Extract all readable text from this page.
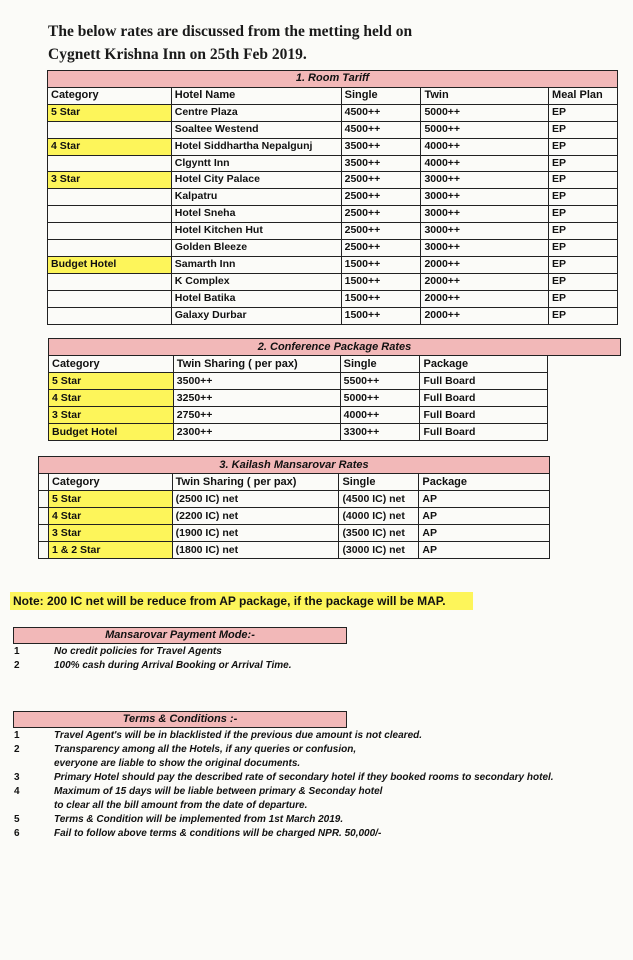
The below rates are discussed from the metting held on
Cygnett Krishna Inn on 25th Feb 2019.
1. Room Tariff				
Category	Hotel Name	Single	Twin	Meal Plan
5 Star	Centre Plaza	4500++	5000++	EP
	Soaltee Westend	4500++	5000++	EP
4 Star	Hotel Siddhartha Nepalgunj	3500++	4000++	EP
	Clgyntt Inn	3500++	4000++	EP
3 Star	Hotel City Palace	2500++	3000++	EP
	Kalpatru	2500++	3000++	EP
	Hotel Sneha	2500++	3000++	EP
	Hotel Kitchen Hut	2500++	3000++	EP
	Golden Bleeze	2500++	3000++	EP
Budget Hotel	Samarth Inn	1500++	2000++	EP
	K Complex	1500++	2000++	EP
	Hotel Batika	1500++	2000++	EP
	Galaxy Durbar	1500++	2000++	EP
2. Conference Package Rates				
Category	Twin Sharing ( per pax)	Single	Package	
5 Star	3500++	5500++	Full Board	
4 Star	3250++	5000++	Full Board	
3 Star	2750++	4000++	Full Board	
Budget Hotel	2300++	3300++	Full Board	
3. Kailash Mansarovar Rates				
	Category	Twin Sharing ( per pax)	Single	Package
	5 Star	(2500 IC) net	(4500 IC) net	AP
	4 Star	(2200 IC) net	(4000 IC) net	AP
	3 Star	(1900 IC) net	(3500 IC) net	AP
	1 & 2 Star	(1800 IC) net	(3000 IC) net	AP
Note: 200 IC net will be reduce from AP package, if the package will be MAP.
Mansarovar Payment Mode:-
1	No credit policies for Travel Agents
2	100% cash during Arrival Booking or Arrival Time.
Terms & Conditions :-
1	Travel Agent's will be in blacklisted if the previous due amount is not cleared.
2	Transparency among all the Hotels, if any queries or confusion,
everyone are liable to show the original documents.
3	Primary Hotel should pay the described rate of secondary hotel if they booked rooms to secondary hotel.
4	Maximum of 15 days will be liable between primary & Seconday hotel
to clear all the bill amount from the date of departure.
5	Terms & Condition will be implemented from 1st March 2019.
6	Fail to follow above terms & conditions will be charged NPR. 50,000/-
